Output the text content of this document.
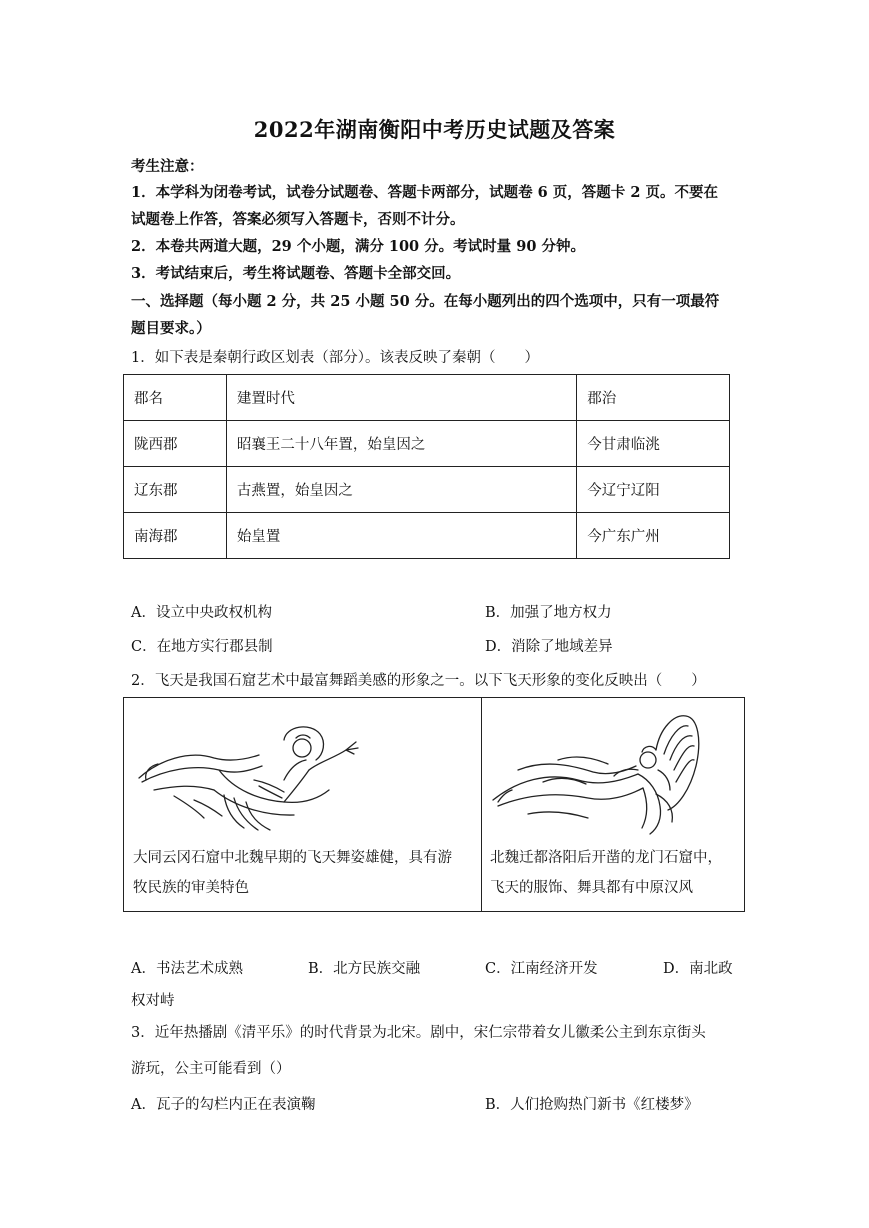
2022年湖南衡阳中考历史试题及答案
考生注意：
1．本学科为闭卷考试，试卷分试题卷、答题卡两部分，试题卷 6 页，答题卡 2 页。不要在
试题卷上作答，答案必须写入答题卡，否则不计分。
2．本卷共两道大题，29 个小题，满分 100 分。考试时量 90 分钟。
3．考试结束后，考生将试题卷、答题卡全部交回。
一、选择题（每小题 2 分，共 25 小题 50 分。在每小题列出的四个选项中，只有一项最符
题目要求。）
1．如下表是秦朝行政区划表（部分）。该表反映了秦朝（　　）
郡名	建置时代	郡治
陇西郡	昭襄王二十八年置，始皇因之	今甘肃临洮
辽东郡	古燕置，始皇因之	今辽宁辽阳
南海郡	始皇置	今广东广州
A．设立中央政权机构	B．加强了地方权力
C．在地方实行郡县制	D．消除了地域差异
2．飞天是我国石窟艺术中最富舞蹈美感的形象之一。以下飞天形象的变化反映出（　　）
大同云冈石窟中北魏早期的飞天舞姿雄健，具有游
牧民族的审美特色
北魏迁都洛阳后开凿的龙门石窟中，
飞天的服饰、舞具都有中原汉风
A．书法艺术成熟	B．北方民族交融	C．江南经济开发	D．南北政
权对峙
3．近年热播剧《清平乐》的时代背景为北宋。剧中，宋仁宗带着女儿徽柔公主到东京街头
游玩，公主可能看到（）
A．瓦子的勾栏内正在表演鞠	B．人们抢购热门新书《红楼梦》
